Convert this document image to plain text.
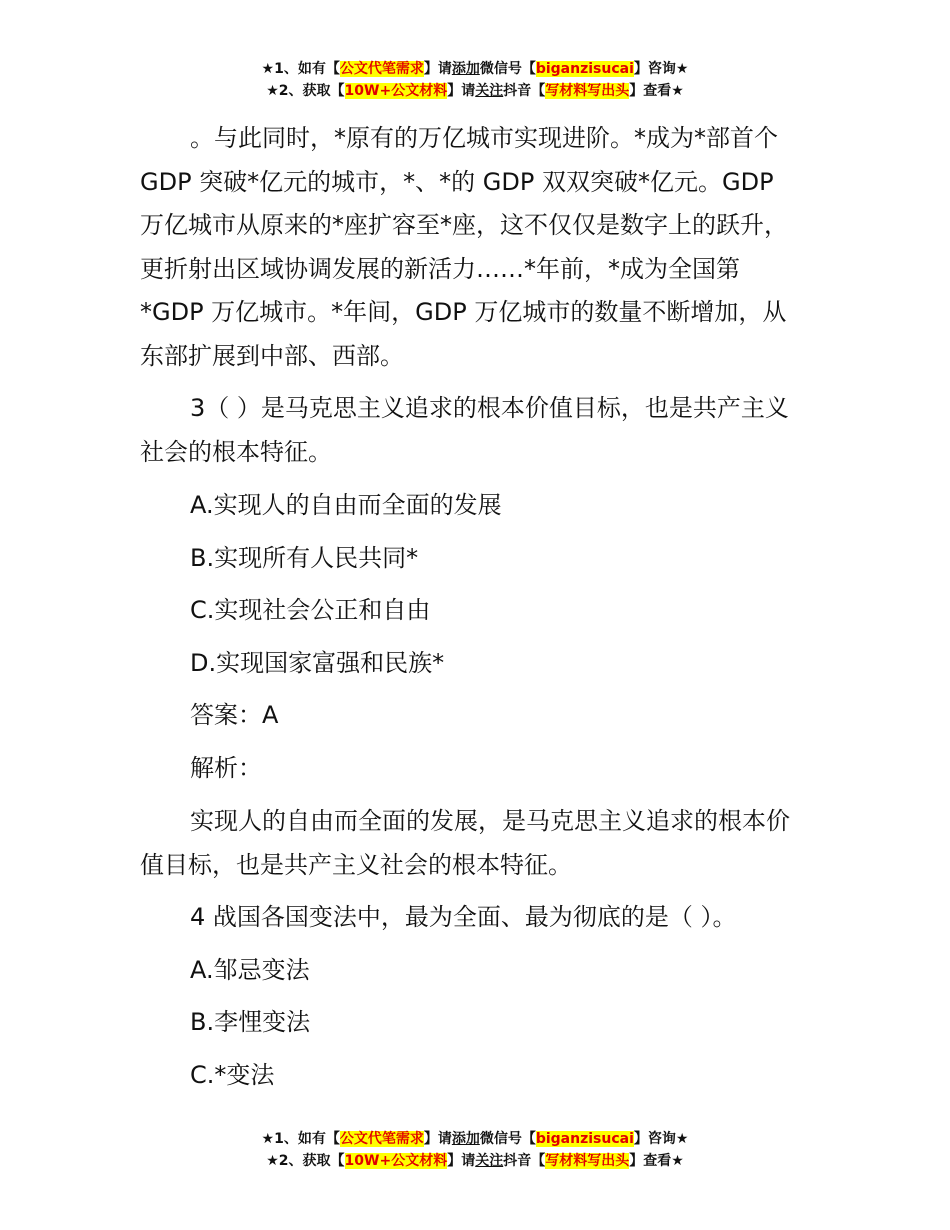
★1、如有【公文代笔需求】请添加微信号【biganzisucai】咨询★
★2、获取【10W+公文材料】请关注抖音【写材料写出头】查看★

。与此同时，*原有的万亿城市实现进阶。*成为*部首个

GDP 突破*亿元的城市，*、*的 GDP 双双突破*亿元。GDP

万亿城市从原来的*座扩容至*座，这不仅仅是数字上的跃升，

更折射出区域协调发展的新活力……*年前，*成为全国第

*GDP 万亿城市。*年间，GDP 万亿城市的数量不断增加，从

东部扩展到中部、西部。

3（ ）是马克思主义追求的根本价值目标，也是共产主义

社会的根本特征。

A.实现人的自由而全面的发展

B.实现所有人民共同*

C.实现社会公正和自由

D.实现国家富强和民族*

答案：A

解析：

实现人的自由而全面的发展，是马克思主义追求的根本价

值目标，也是共产主义社会的根本特征。

4 战国各国变法中，最为全面、最为彻底的是（ ）。

A.邹忌变法

B.李悝变法

C.*变法

★1、如有【公文代笔需求】请添加微信号【biganzisucai】咨询★
★2、获取【10W+公文材料】请关注抖音【写材料写出头】查看★
